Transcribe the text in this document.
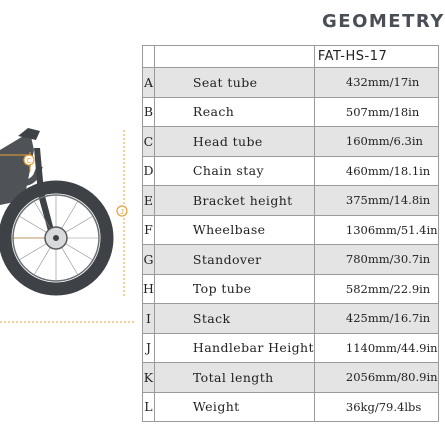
GEOMETRY
C
J
		FAT-HS-17
A	Seat tube	432mm/17in
B	Reach	507mm/18in
C	Head tube	160mm/6.3in
D	Chain stay	460mm/18.1in
E	Bracket height	375mm/14.8in
F	Wheelbase	1306mm/51.4in
G	Standover	780mm/30.7in
H	Top tube	582mm/22.9in
I	Stack	425mm/16.7in
J	Handlebar Height	1140mm/44.9in
K	Total length	2056mm/80.9in
L	Weight	36kg/79.4lbs
